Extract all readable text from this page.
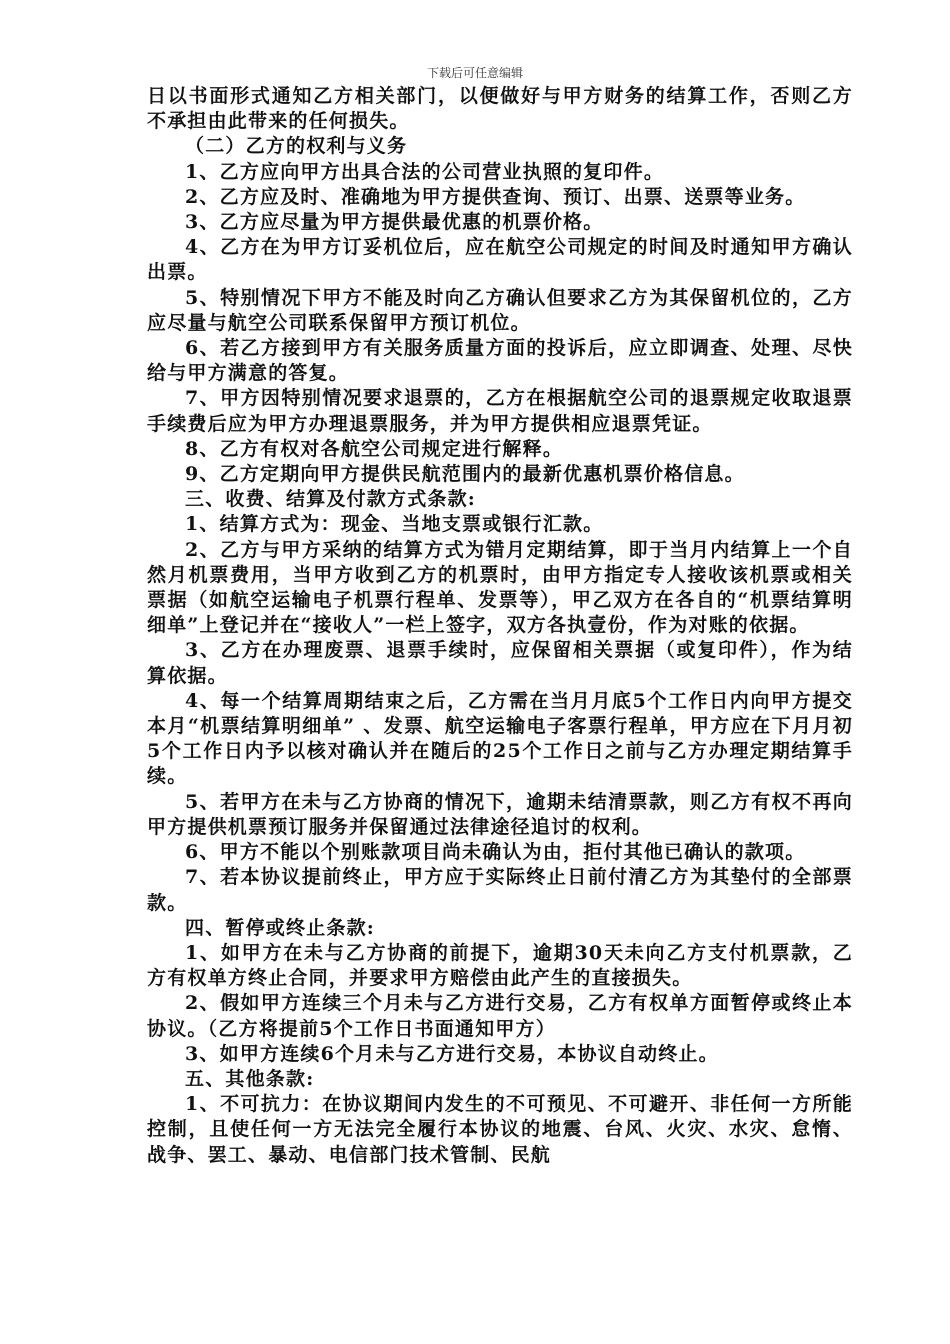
下载后可任意编辑

日以书面形式通知乙方相关部门，以便做好与甲方财务的结算工作，否则乙方不承担由此带来的任何损失。

（二）乙方的权利与义务

1、乙方应向甲方出具合法的公司营业执照的复印件。

2、乙方应及时、准确地为甲方提供查询、预订、出票、送票等业务。

3、乙方应尽量为甲方提供最优惠的机票价格。

4、乙方在为甲方订妥机位后，应在航空公司规定的时间及时通知甲方确认出票。

5、特别情况下甲方不能及时向乙方确认但要求乙方为其保留机位的，乙方应尽量与航空公司联系保留甲方预订机位。

6、若乙方接到甲方有关服务质量方面的投诉后，应立即调查、处理、尽快给与甲方满意的答复。

7、甲方因特别情况要求退票的，乙方在根据航空公司的退票规定收取退票手续费后应为甲方办理退票服务，并为甲方提供相应退票凭证。

8、乙方有权对各航空公司规定进行解释。

9、乙方定期向甲方提供民航范围内的最新优惠机票价格信息。

三、收费、结算及付款方式条款:

1、结算方式为：现金、当地支票或银行汇款。

2、乙方与甲方采纳的结算方式为错月定期结算，即于当月内结算上一个自然月机票费用，当甲方收到乙方的机票时，由甲方指定专人接收该机票或相关票据（如航空运输电子机票行程单、发票等），甲乙双方在各自的“机票结算明细单”上登记并在“接收人”一栏上签字，双方各执壹份，作为对账的依据。

3、乙方在办理废票、退票手续时，应保留相关票据（或复印件），作为结算依据。

4、每一个结算周期结束之后，乙方需在当月月底5个工作日内向甲方提交本月“机票结算明细单” 、发票、航空运输电子客票行程单，甲方应在下月月初5个工作日内予以核对确认并在随后的25个工作日之前与乙方办理定期结算手续。

5、若甲方在未与乙方协商的情况下，逾期未结清票款，则乙方有权不再向甲方提供机票预订服务并保留通过法律途径追讨的权利。

6、甲方不能以个别账款项目尚未确认为由，拒付其他已确认的款项。

7、若本协议提前终止，甲方应于实际终止日前付清乙方为其垫付的全部票款。

四、暂停或终止条款:

1、如甲方在未与乙方协商的前提下，逾期30天未向乙方支付机票款，乙方有权单方终止合同，并要求甲方赔偿由此产生的直接损失。

2、假如甲方连续三个月未与乙方进行交易，乙方有权单方面暂停或终止本协议。（乙方将提前5个工作日书面通知甲方）

3、如甲方连续6个月未与乙方进行交易，本协议自动终止。

五、其他条款:

1、不可抗力：在协议期间内发生的不可预见、不可避开、非任何一方所能控制，且使任何一方无法完全履行本协议的地震、台风、火灾、水灾、怠惰、战争、罢工、暴动、电信部门技术管制、民航
